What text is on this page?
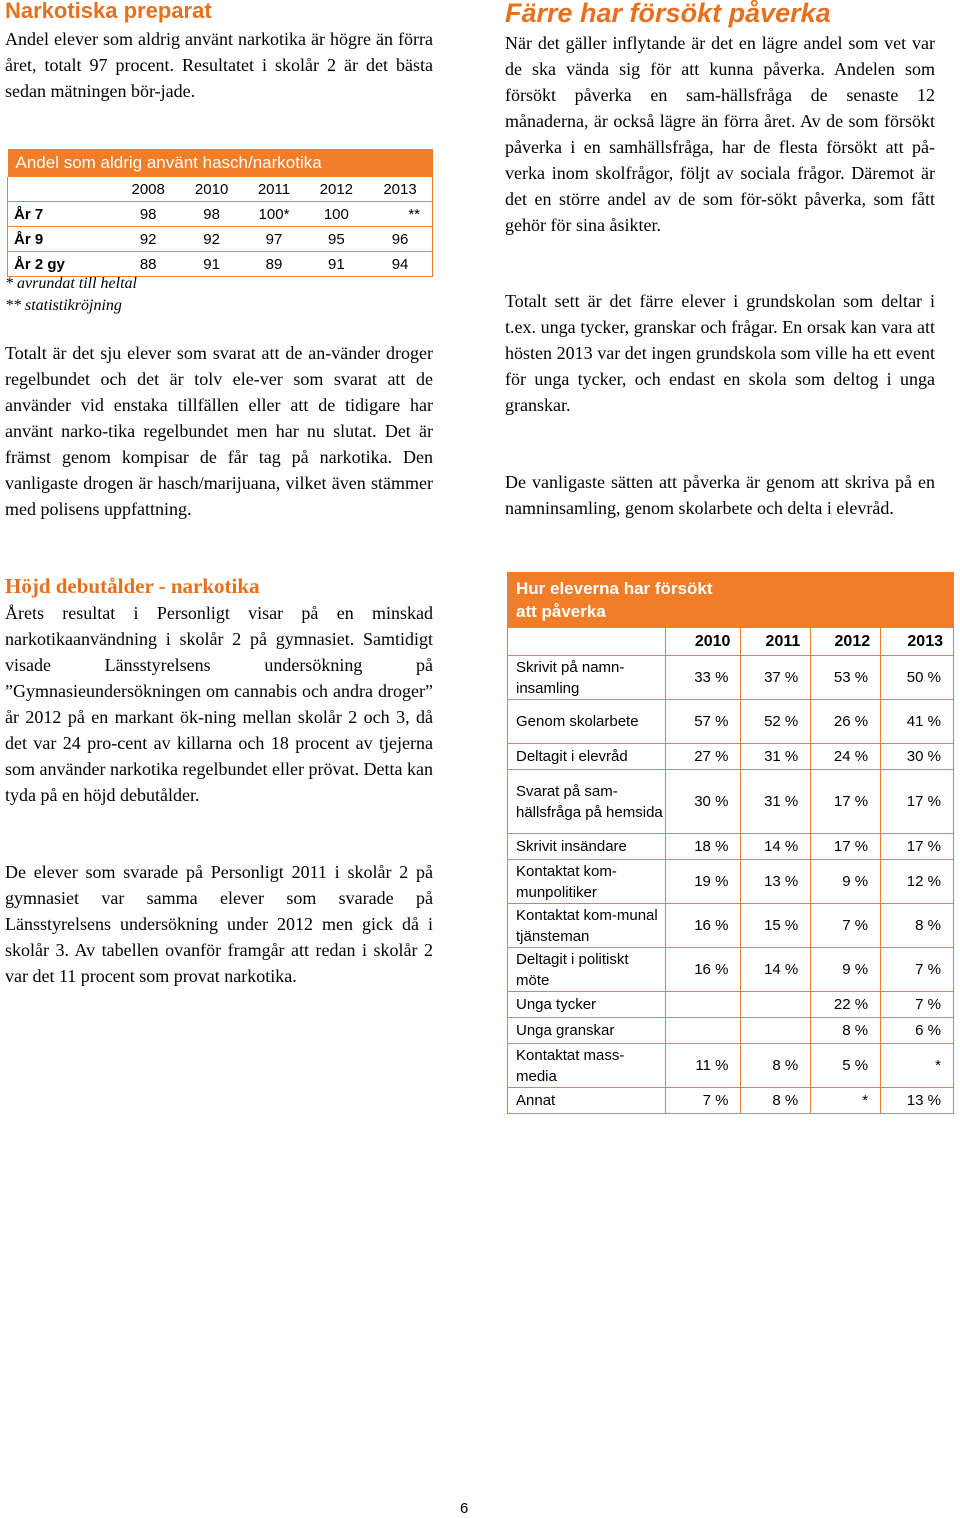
Narkotiska preparat

Andel elever som aldrig använt narkotika är högre än förra året, totalt 97 procent. Resultatet i skolår 2 är det bästa sedan mätningen bör-jade.

* avrundat till heltal
** statistikröjning

Totalt är det sju elever som svarat att de an-vänder droger regelbundet och det är tolv ele-ver som svarat att de använder vid enstaka tillfällen eller att de tidigare har använt narko-tika regelbundet men har nu slutat. Det är främst genom kompisar de får tag på narkotika. Den vanligaste drogen är hasch/marijuana, vilket även stämmer med polisens uppfattning.

Höjd debutålder - narkotika

Årets resultat i Personligt visar på en minskad narkotikaanvändning i skolår 2 på gymnasiet. Samtidigt visade Länsstyrelsens undersökning på ”Gymnasieundersökningen om cannabis och andra droger” år 2012 på en markant ök-ning mellan skolår 2 och 3, då det var 24 pro-cent av killarna och 18 procent av tjejerna som använder narkotika regelbundet eller prövat. Detta kan tyda på en höjd debutålder.

De elever som svarade på Personligt 2011 i skolår 2 på gymnasiet var samma elever som svarade på Länsstyrelsens undersökning under 2012 men gick då i skolår 3. Av tabellen ovanför framgår att redan i skolår 2 var det 11 procent som provat narkotika.

Andel som aldrig använt hasch/narkotika					
	2008	2010	2011	2012	2013
År 7	98	98	100*	100	**
År 9	92	92	97	95	96
År 2 gy	88	91	89	91	94
Färre har försökt påverka

När det gäller inflytande är det en lägre andel som vet var de ska vända sig för att kunna påverka. Andelen som försökt påverka en sam-hällsfråga de senaste 12 månaderna, är också lägre än förra året. Av de som försökt påverka i en samhällsfråga, har de flesta försökt att på-verka inom skolfrågor, följt av sociala frågor. Däremot är det en större andel av de som för-sökt påverka, som fått gehör för sina åsikter.

Totalt sett är det färre elever i grundskolan som deltar i t.ex. unga tycker, granskar och frågar. En orsak kan vara att hösten 2013 var det ingen grundskola som ville ha ett event för unga tycker, och endast en skola som deltog i unga granskar.

De vanligaste sätten att påverka är genom att skriva på en namninsamling, genom skolarbete och delta i elevråd.

Hur eleverna har försökt att påverka				
	2010	2011	2012	2013
Skrivit på namn-insamling	33 %	37 %	53 %	50 %
Genom skolarbete	57 %	52 %	26 %	41 %
Deltagit i elevråd	27 %	31 %	24 %	30 %
Svarat på sam-hällsfråga på hemsida	30 %	31 %	17 %	17 %
Skrivit insändare	18 %	14 %	17 %	17 %
Kontaktat kom-munpolitiker	19 %	13 %	9 %	12 %
Kontaktat kom-munal tjänsteman	16 %	15 %	7 %	8 %
Deltagit i politiskt möte	16 %	14 %	9 %	7 %
Unga tycker			22 %	7 %
Unga granskar			8 %	6 %
Kontaktat mass-media	11 %	8 %	5 %	*
Annat	7 %	8 %	*	13 %
6
